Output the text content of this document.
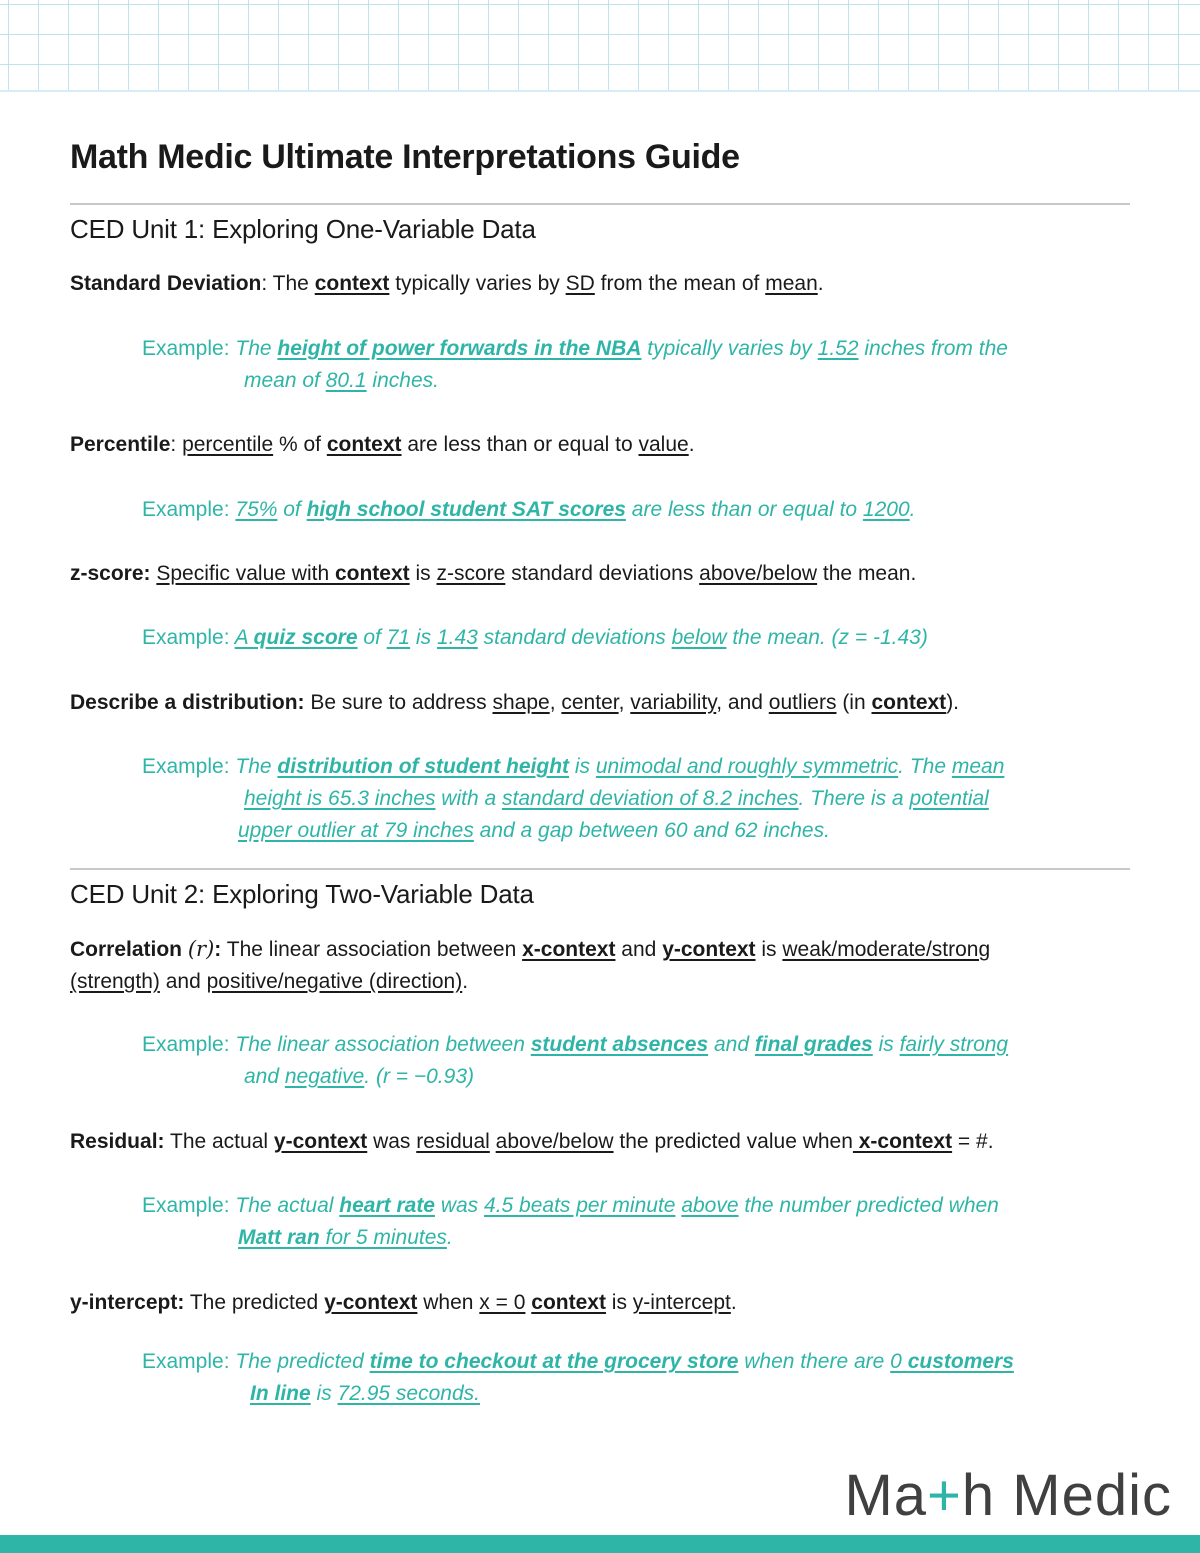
Math Medic Ultimate Interpretations Guide
CED Unit 1: Exploring One-Variable Data

Standard Deviation: The context typically varies by SD from the mean of mean.

Example: The height of power forwards in the NBA typically varies by 1.52 inches from the
mean of 80.1 inches.

Percentile: percentile % of context are less than or equal to value.

Example: 75% of high school student SAT scores are less than or equal to 1200.

z-score: Specific value with context is z-score standard deviations above/below the mean.

Example: A quiz score of 71 is 1.43 standard deviations below the mean. (z = -1.43)

Describe a distribution: Be sure to address shape, center, variability, and outliers (in context).

Example: The distribution of student height is unimodal and roughly symmetric. The mean
height is 65.3 inches with a standard deviation of 8.2 inches. There is a potential
upper outlier at 79 inches and a gap between 60 and 62 inches.

CED Unit 2: Exploring Two-Variable Data

Correlation (r): The linear association between x-context and y-context is weak/moderate/strong
(strength) and positive/negative (direction).

Example: The linear association between student absences and final grades is fairly strong
and negative. (r = −0.93)

Residual: The actual y-context was residual above/below the predicted value when x-context = #.

Example: The actual heart rate was 4.5 beats per minute above the number predicted when
Matt ran for 5 minutes.

y-intercept: The predicted y-context when x = 0 context is y-intercept.

Example: The predicted time to checkout at the grocery store when there are 0 customers
In line is 72.95 seconds.

Ma+h Medic
